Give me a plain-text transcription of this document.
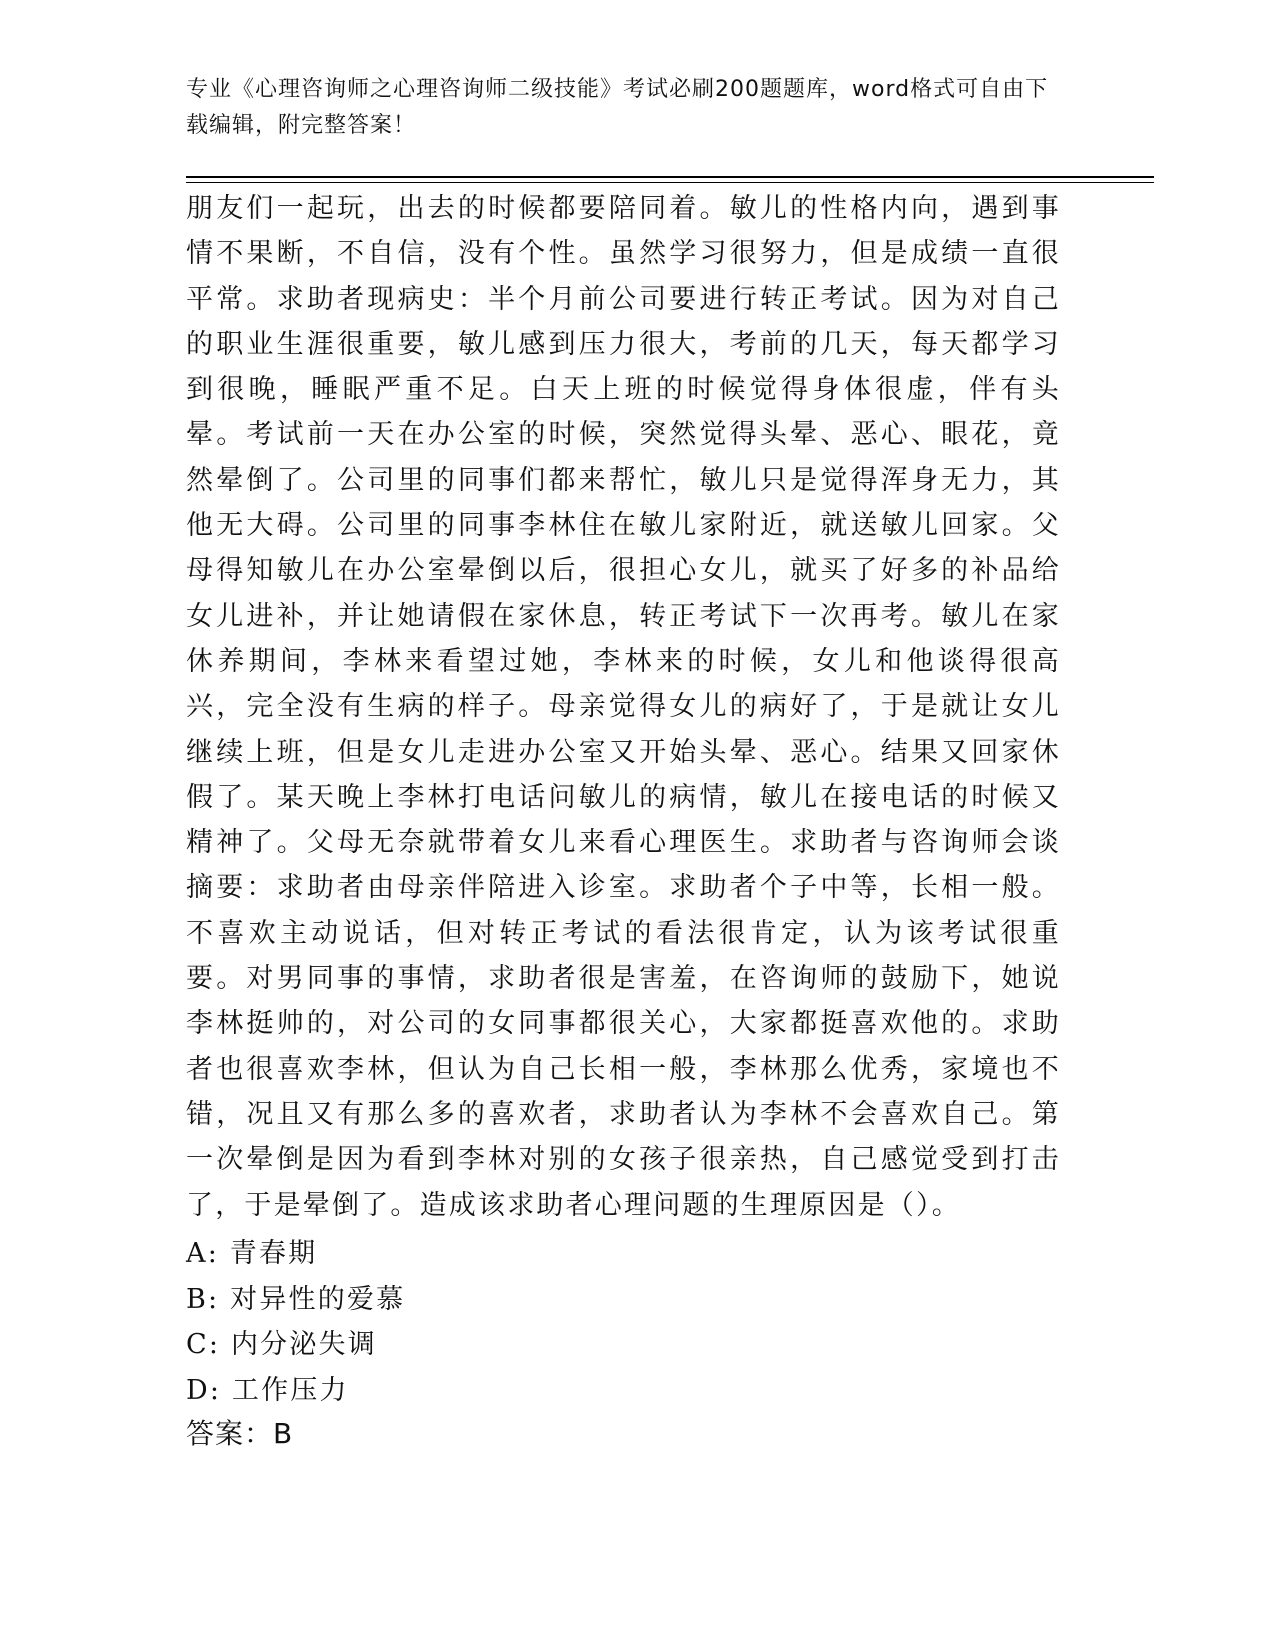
专业《心理咨询师之心理咨询师二级技能》考试必刷200题题库，word格式可自由下载编辑，附完整答案！
朋友们一起玩，出去的时候都要陪同着。敏儿的性格内向，遇到事情不果断，不自信，没有个性。虽然学习很努力，但是成绩一直很平常。求助者现病史：半个月前公司要进行转正考试。因为对自己的职业生涯很重要，敏儿感到压力很大，考前的几天，每天都学习到很晚，睡眠严重不足。白天上班的时候觉得身体很虚，伴有头晕。考试前一天在办公室的时候，突然觉得头晕、恶心、眼花，竟然晕倒了。公司里的同事们都来帮忙，敏儿只是觉得浑身无力，其他无大碍。公司里的同事李林住在敏儿家附近，就送敏儿回家。父母得知敏儿在办公室晕倒以后，很担心女儿，就买了好多的补品给女儿进补，并让她请假在家休息，转正考试下一次再考。敏儿在家休养期间，李林来看望过她，李林来的时候，女儿和他谈得很高兴，完全没有生病的样子。母亲觉得女儿的病好了，于是就让女儿继续上班，但是女儿走进办公室又开始头晕、恶心。结果又回家休假了。某天晚上李林打电话问敏儿的病情，敏儿在接电话的时候又精神了。父母无奈就带着女儿来看心理医生。求助者与咨询师会谈摘要：求助者由母亲伴陪进入诊室。求助者个子中等，长相一般。不喜欢主动说话，但对转正考试的看法很肯定，认为该考试很重要。对男同事的事情，求助者很是害羞，在咨询师的鼓励下，她说李林挺帅的，对公司的女同事都很关心，大家都挺喜欢他的。求助者也很喜欢李林，但认为自己长相一般，李林那么优秀，家境也不错，况且又有那么多的喜欢者，求助者认为李林不会喜欢自己。第一次晕倒是因为看到李林对别的女孩子很亲热，自己感觉受到打击了，于是晕倒了。造成该求助者心理问题的生理原因是（）。
A: 青春期
B: 对异性的爱慕
C: 内分泌失调
D: 工作压力
答案：B
